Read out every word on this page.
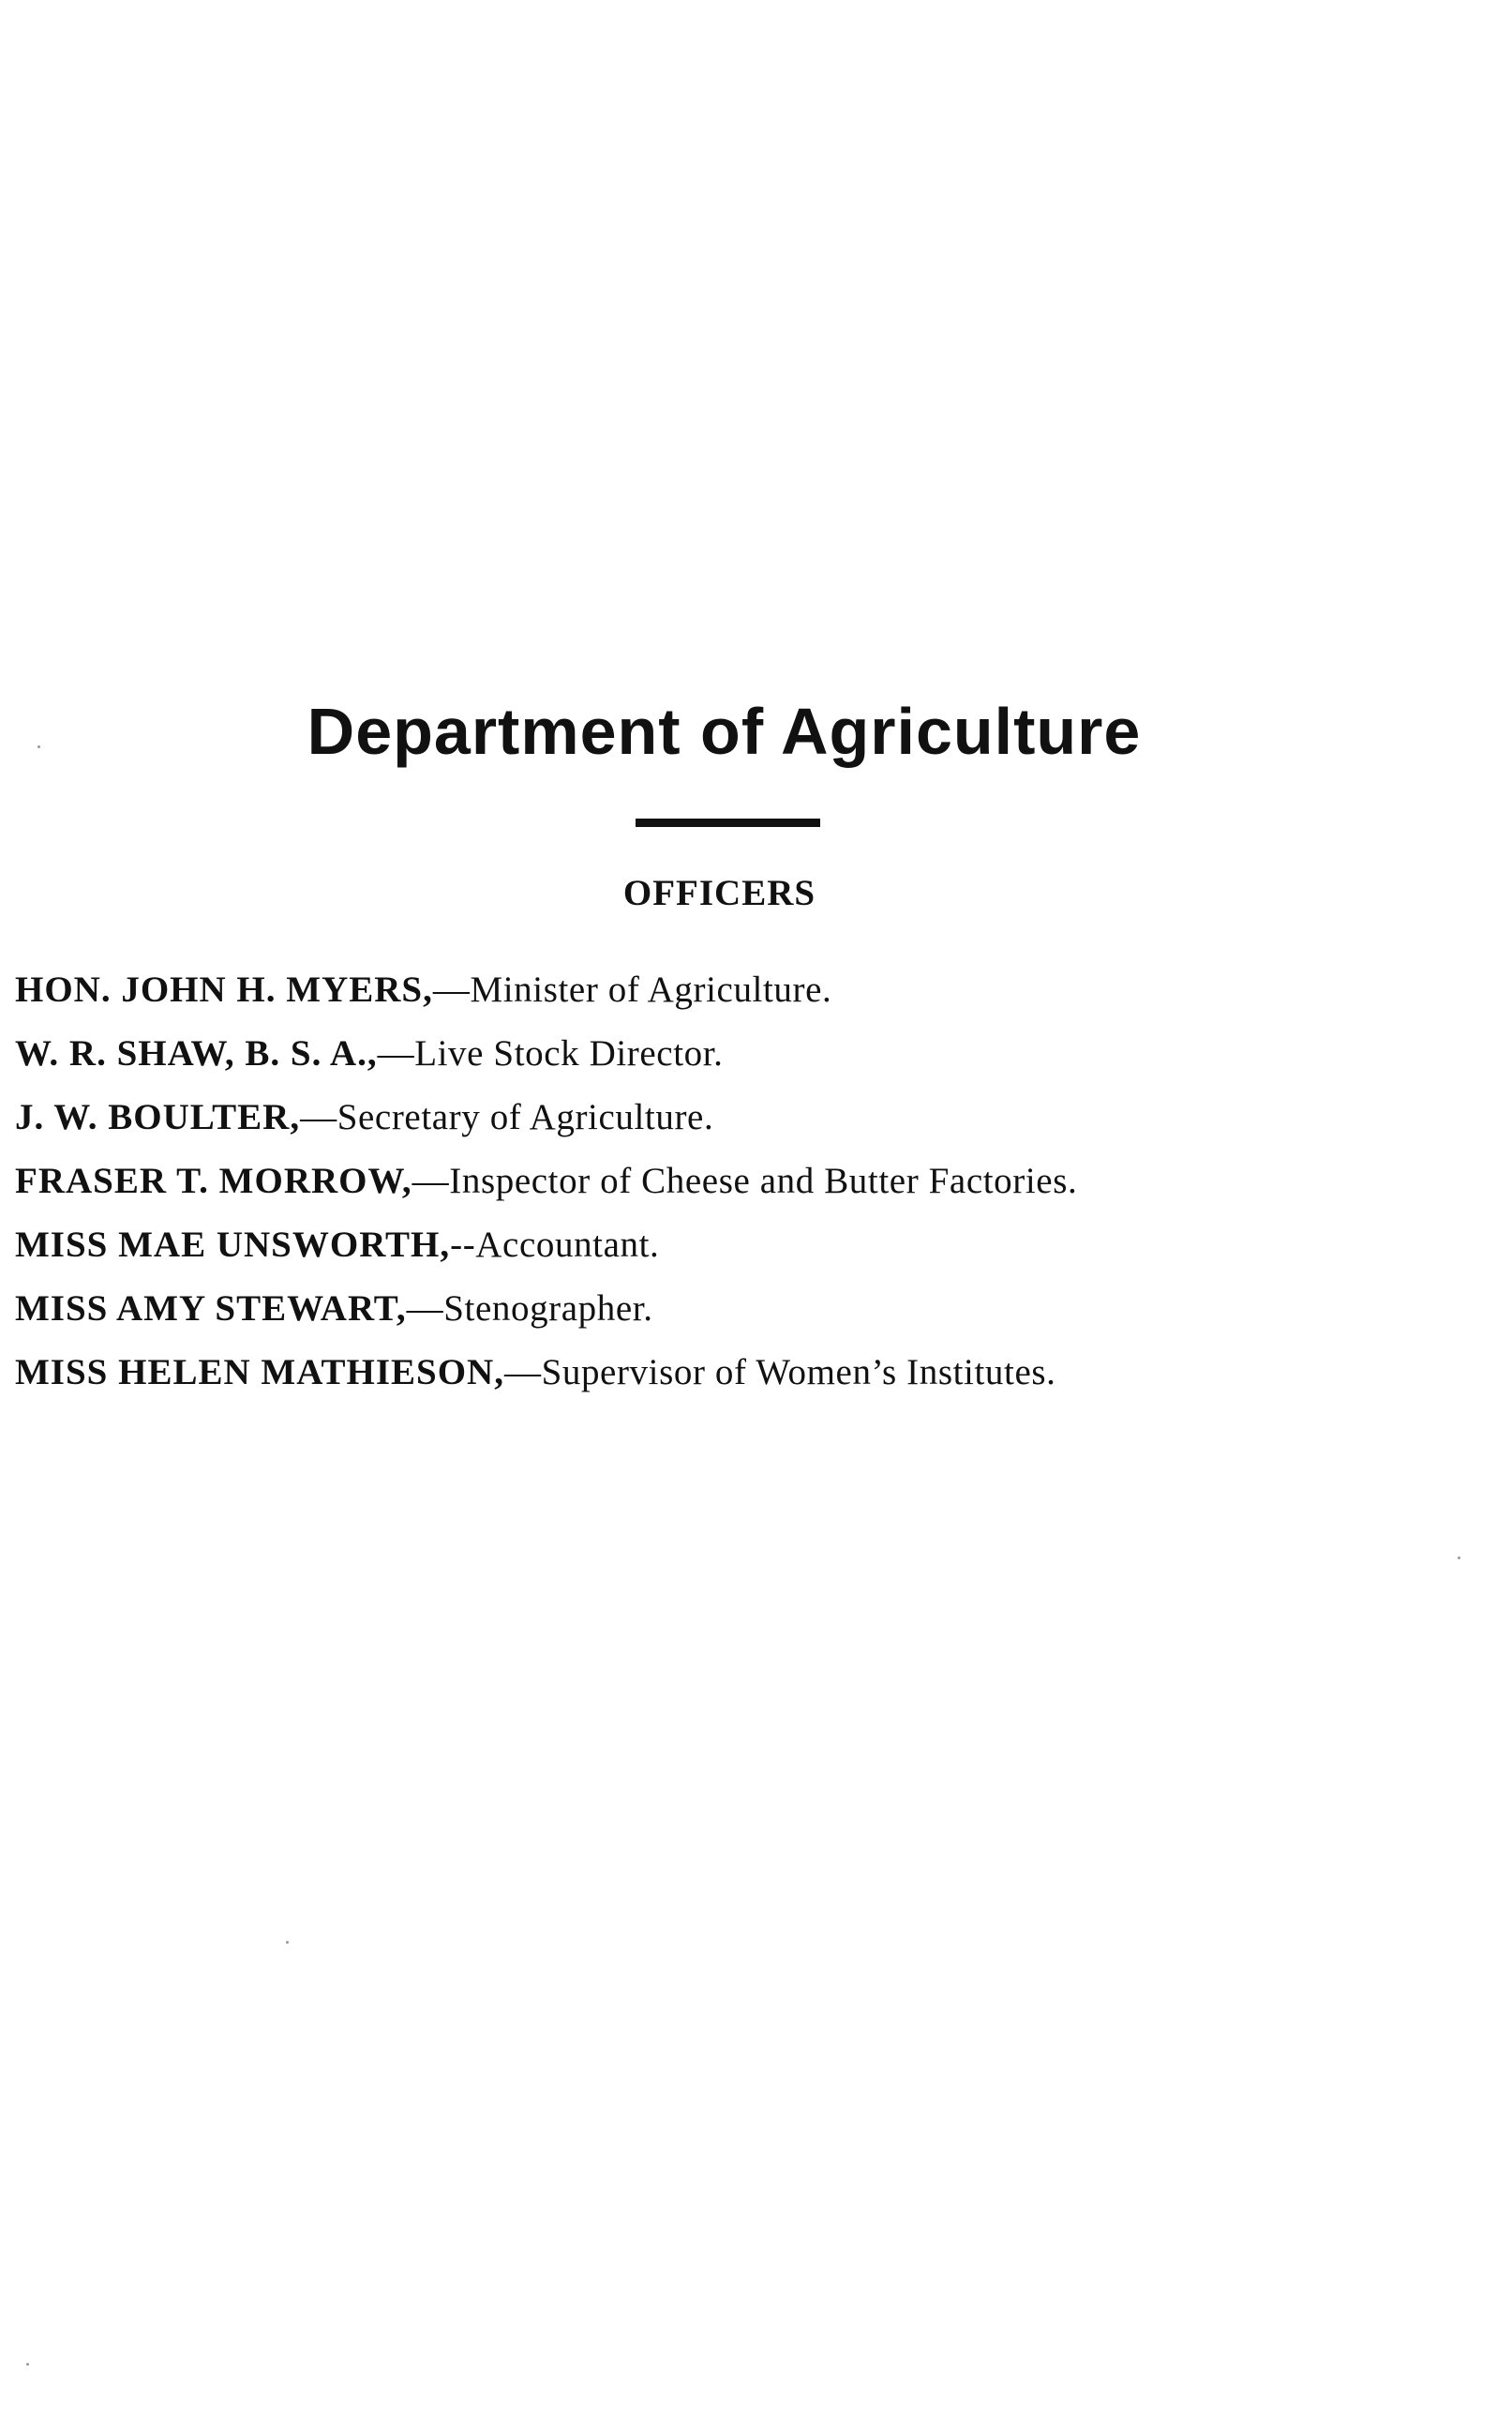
Department of Agriculture
OFFICERS
HON. JOHN H. MYERS,—Minister of Agriculture.
W. R. SHAW, B. S. A.,—Live Stock Director.
J. W. BOULTER,—Secretary of Agriculture.
FRASER T. MORROW,—Inspector of Cheese and Butter Factories.
MISS MAE UNSWORTH,--Accountant.
MISS AMY STEWART,—Stenographer.
MISS HELEN MATHIESON,—Supervisor of Women’s Institutes.
